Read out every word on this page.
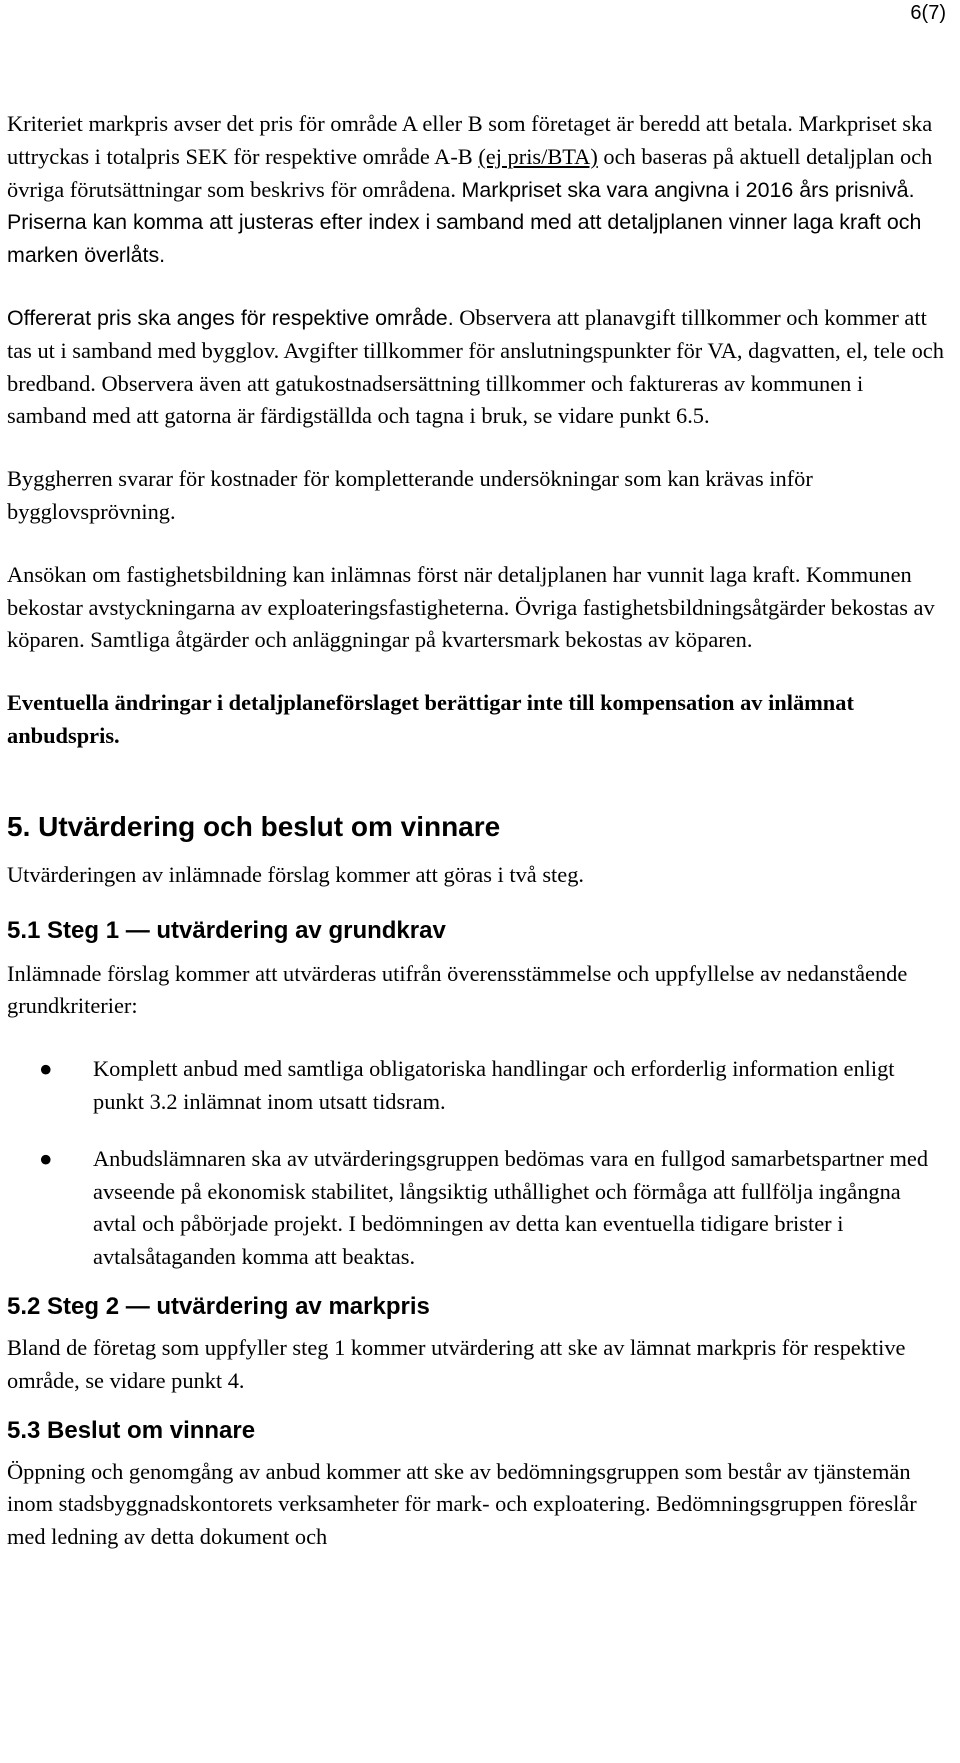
6(7)

Kriteriet markpris avser det pris för område A eller B som företaget är beredd att betala. Markpriset ska uttryckas i totalpris SEK för respektive område A-B (ej pris/BTA) och baseras på aktuell detaljplan och övriga förutsättningar som beskrivs för områdena. Markpriset ska vara angivna i 2016 års prisnivå. Priserna kan komma att justeras efter index i samband med att detaljplanen vinner laga kraft och marken överlåts.

Offererat pris ska anges för respektive område. Observera att planavgift tillkommer och kommer att tas ut i samband med bygglov. Avgifter tillkommer för anslutningspunkter för VA, dagvatten, el, tele och bredband. Observera även att gatukostnadsersättning tillkommer och faktureras av kommunen i samband med att gatorna är färdigställda och tagna i bruk, se vidare punkt 6.5.

Byggherren svarar för kostnader för kompletterande undersökningar som kan krävas inför bygglovsprövning.

Ansökan om fastighetsbildning kan inlämnas först när detaljplanen har vunnit laga kraft. Kommunen bekostar avstyckningarna av exploateringsfastigheterna. Övriga fastighetsbildningsåtgärder bekostas av köparen. Samtliga åtgärder och anläggningar på kvartersmark bekostas av köparen.

Eventuella ändringar i detaljplaneförslaget berättigar inte till kompensation av inlämnat anbudspris.

5. Utvärdering och beslut om vinnare

Utvärderingen av inlämnade förslag kommer att göras i två steg.

5.1 Steg 1 — utvärdering av grundkrav

Inlämnade förslag kommer att utvärderas utifrån överensstämmelse och uppfyllelse av nedanstående grundkriterier:

● Komplett anbud med samtliga obligatoriska handlingar och erforderlig information enligt punkt 3.2 inlämnat inom utsatt tidsram.
● Anbudslämnaren ska av utvärderingsgruppen bedömas vara en fullgod samarbetspartner med avseende på ekonomisk stabilitet, långsiktig uthållighet och förmåga att fullfölja ingångna avtal och påbörjade projekt. I bedömningen av detta kan eventuella tidigare brister i avtalsåtaganden komma att beaktas.
5.2 Steg 2 — utvärdering av markpris

Bland de företag som uppfyller steg 1 kommer utvärdering att ske av lämnat markpris för respektive område, se vidare punkt 4.

5.3 Beslut om vinnare

Öppning och genomgång av anbud kommer att ske av bedömningsgruppen som består av tjänstemän inom stadsbyggnadskontorets verksamheter för mark- och exploatering. Bedömningsgruppen föreslår med ledning av detta dokument och
